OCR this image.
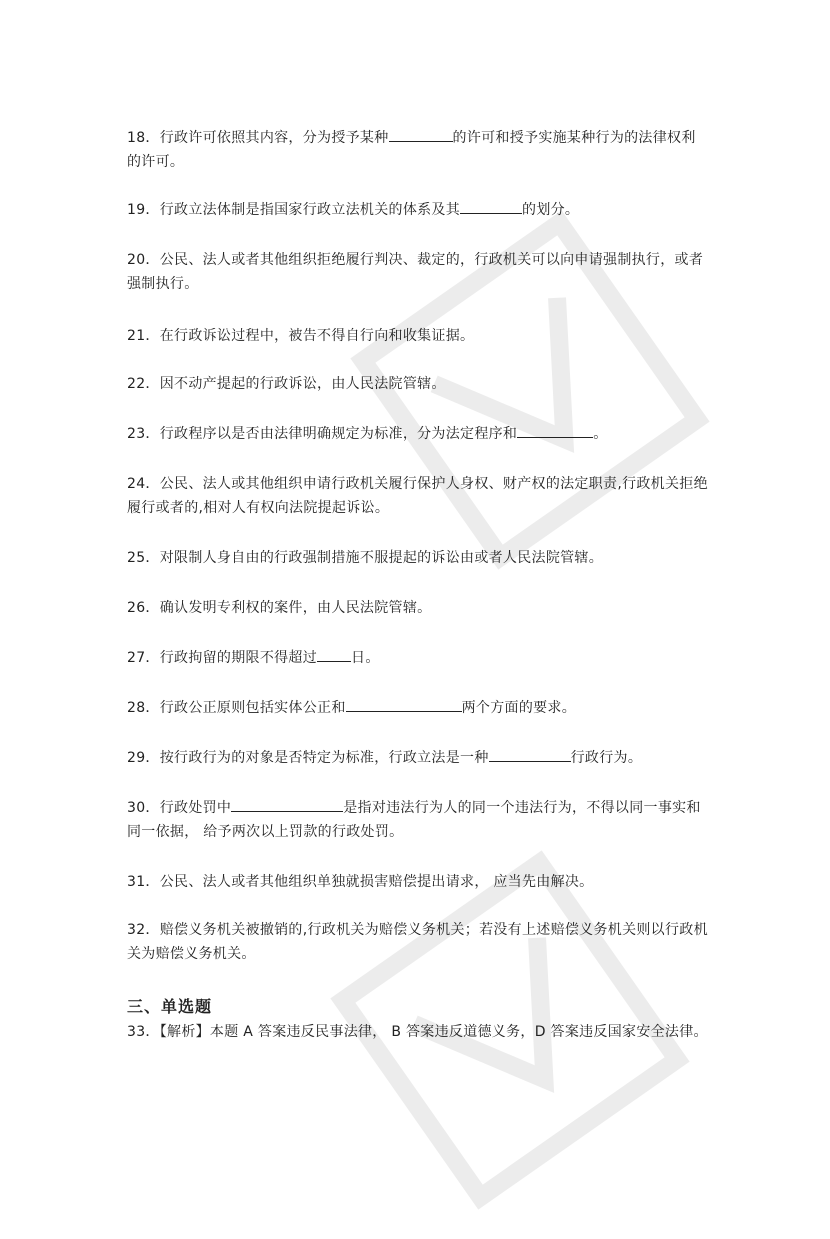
18．行政许可依照其内容，分为授予某种	的许可和授予实施某种行为的法律权利的许可。
19．行政立法体制是指国家行政立法机关的体系及其	的划分。
20．公民、法人或者其他组织拒绝履行判决、裁定的，行政机关可以向申请强制执行，或者强制执行。
21．在行政诉讼过程中，被告不得自行向和收集证据。
22．因不动产提起的行政诉讼，由人民法院管辖。
23．行政程序以是否由法律明确规定为标准，分为法定程序和	。
24．公民、法人或其他组织申请行政机关履行保护人身权、财产权的法定职责,行政机关拒绝履行或者的,相对人有权向法院提起诉讼。
25．对限制人身自由的行政强制措施不服提起的诉讼由或者人民法院管辖。
26．确认发明专利权的案件，由人民法院管辖。
27．行政拘留的期限不得超过 日。
28．行政公正原则包括实体公正和	两个方面的要求。
29．按行政行为的对象是否特定为标准，行政立法是一种	行政行为。
30．行政处罚中	是指对违法行为人的同一个违法行为，不得以同一事实和同一依据， 给予两次以上罚款的行政处罚。
31．公民、法人或者其他组织单独就损害赔偿提出请求， 应当先由解决。
32．赔偿义务机关被撤销的,行政机关为赔偿义务机关；若没有上述赔偿义务机关则以行政机关为赔偿义务机关。
三、单选题
33．【解析】本题 A 答案违反民事法律， B 答案违反道德义务，D 答案违反国家安全法律。
